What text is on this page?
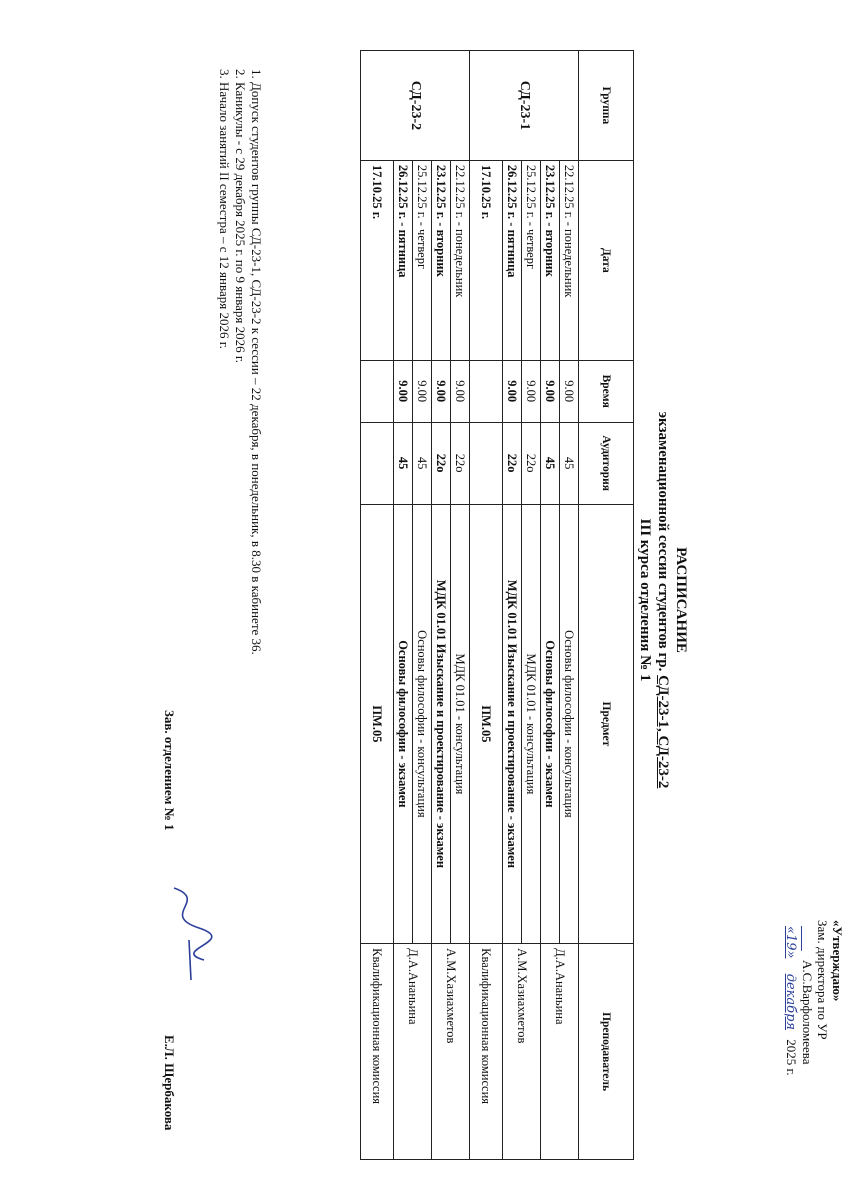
«Утверждаю»
Зам. директора по УР
​       А.С.Варфоломеева
«19» декабря 2025 г.
РАСПИСАНИЕ
экзаменационной сессии студентов гр. СД-23-1, СД-23-2
III курса отделения № 1
Группа	Дата	Время	Аудитория	Предмет	Преподаватель
СД-23-1	22.12.25 г. - понедельник	9.00	45	Основы философии - консультация	Д.А.Ананьина
	23.12.25 г. - вторник	9.00	45	Основы философии - экзамен	
	25.12.25 г. - четверг	9.00	22о	МДК 01.01 - консультация	А.М.Хазиахметов
	26.12.25 г. - пятница	9.00	22о	МДК 01.01 Изыскание и проектирование - экзамен	
	17.10.25 г.			ПМ.05	Квалификационная комиссия
СД-23-2	22.12.25 г. - понедельник	9.00	22о	МДК 01.01 - консультация	А.М.Хазиахметов
	23.12.25 г. - вторник	9.00	22о	МДК 01.01 Изыскание и проектирование - экзамен	
	25.12.25 г. - четверг	9.00	45	Основы философии - консультация	Д.А.Ананьина
	26.12.25 г. - пятница	9.00	45	Основы философии - экзамен	
	17.10.25 г.			ПМ.05	Квалификационная комиссия
1. Допуск студентов группы СД-23-1, СД-23-2 к сессии – 22 декабря, в понедельник, в 8.30 в кабинете 36.
2. Каникулы - с 29 декабря 2025 г. по 9 января 2026 г.
3. Начало занятий II семестра – с 12 января 2026 г.
Зав. отделением № 1
Е.Л. Щербакова
